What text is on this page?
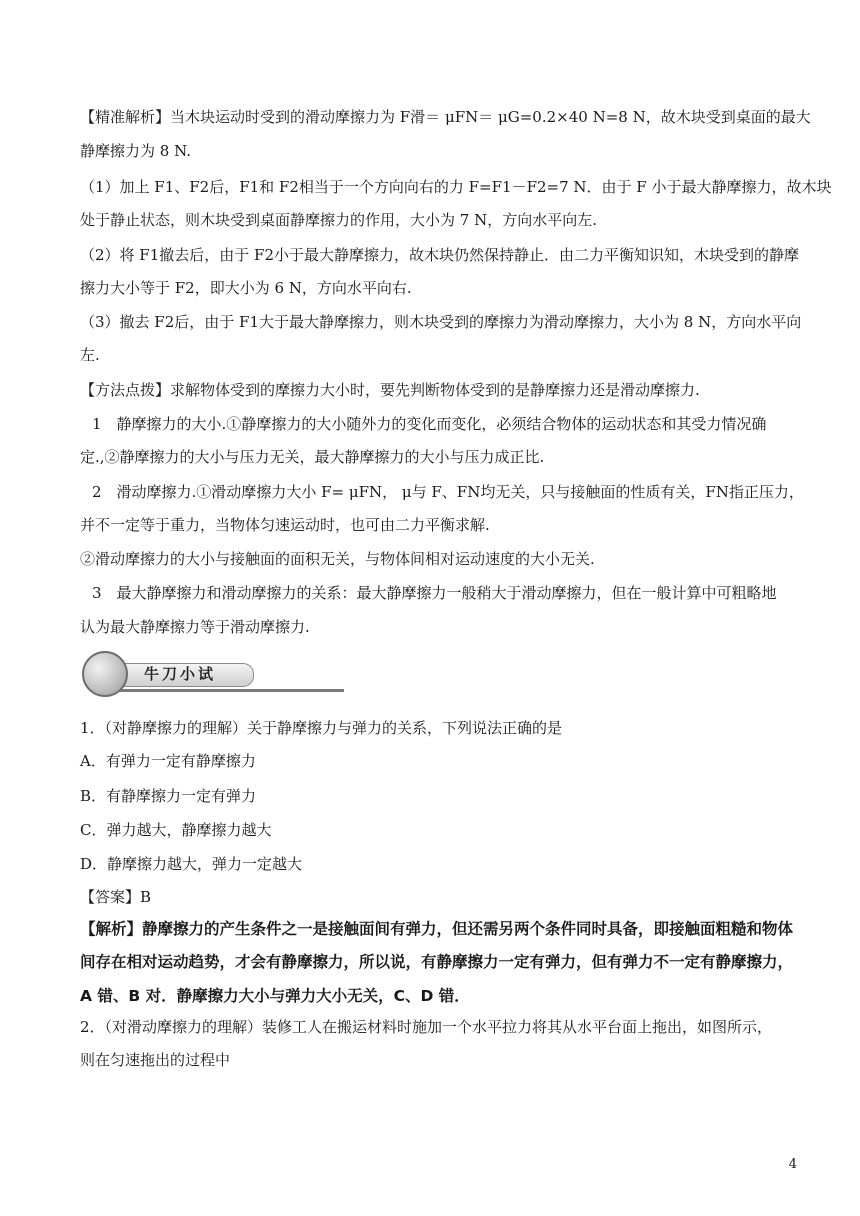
【精准解析】当木块运动时受到的滑动摩擦力为 F滑＝ μFN＝ μG=0.2×40 N=8 N，故木块受到桌面的最大
静摩擦力为 8 N.
（1）加上 F1、F2后，F1和 F2相当于一个方向向右的力 F=F1－F2=7 N．由于 F 小于最大静摩擦力，故木块
处于静止状态，则木块受到桌面静摩擦力的作用，大小为 7 N，方向水平向左.
（2）将 F1撤去后，由于 F2小于最大静摩擦力，故木块仍然保持静止．由二力平衡知识知，木块受到的静摩
擦力大小等于 F2，即大小为 6 N，方向水平向右.
（3）撤去 F2后，由于 F1大于最大静摩擦力，则木块受到的摩擦力为滑动摩擦力，大小为 8 N，方向水平向
左.
【方法点拨】求解物体受到的摩擦力大小时，要先判断物体受到的是静摩擦力还是滑动摩擦力.
1　静摩擦力的大小.①静摩擦力的大小随外力的变化而变化，必须结合物体的运动状态和其受力情况确
定.,②静摩擦力的大小与压力无关，最大静摩擦力的大小与压力成正比.
2　滑动摩擦力.①滑动摩擦力大小 F= μFN， μ与 F、FN均无关，只与接触面的性质有关，FN指正压力，
并不一定等于重力，当物体匀速运动时，也可由二力平衡求解.
②滑动摩擦力的大小与接触面的面积无关，与物体间相对运动速度的大小无关.
3　最大静摩擦力和滑动摩擦力的关系：最大静摩擦力一般稍大于滑动摩擦力，但在一般计算中可粗略地
认为最大静摩擦力等于滑动摩擦力.
牛刀小试
1．（对静摩擦力的理解）关于静摩擦力与弹力的关系，下列说法正确的是
A．有弹力一定有静摩擦力
B．有静摩擦力一定有弹力
C．弹力越大，静摩擦力越大
D．静摩擦力越大，弹力一定越大
【答案】B
【解析】静摩擦力的产生条件之一是接触面间有弹力，但还需另两个条件同时具备，即接触面粗糙和物体
间存在相对运动趋势，才会有静摩擦力，所以说，有静摩擦力一定有弹力，但有弹力不一定有静摩擦力，
A 错、B 对．静摩擦力大小与弹力大小无关，C、D 错．
2．（对滑动摩擦力的理解）装修工人在搬运材料时施加一个水平拉力将其从水平台面上拖出，如图所示，
则在匀速拖出的过程中
4
